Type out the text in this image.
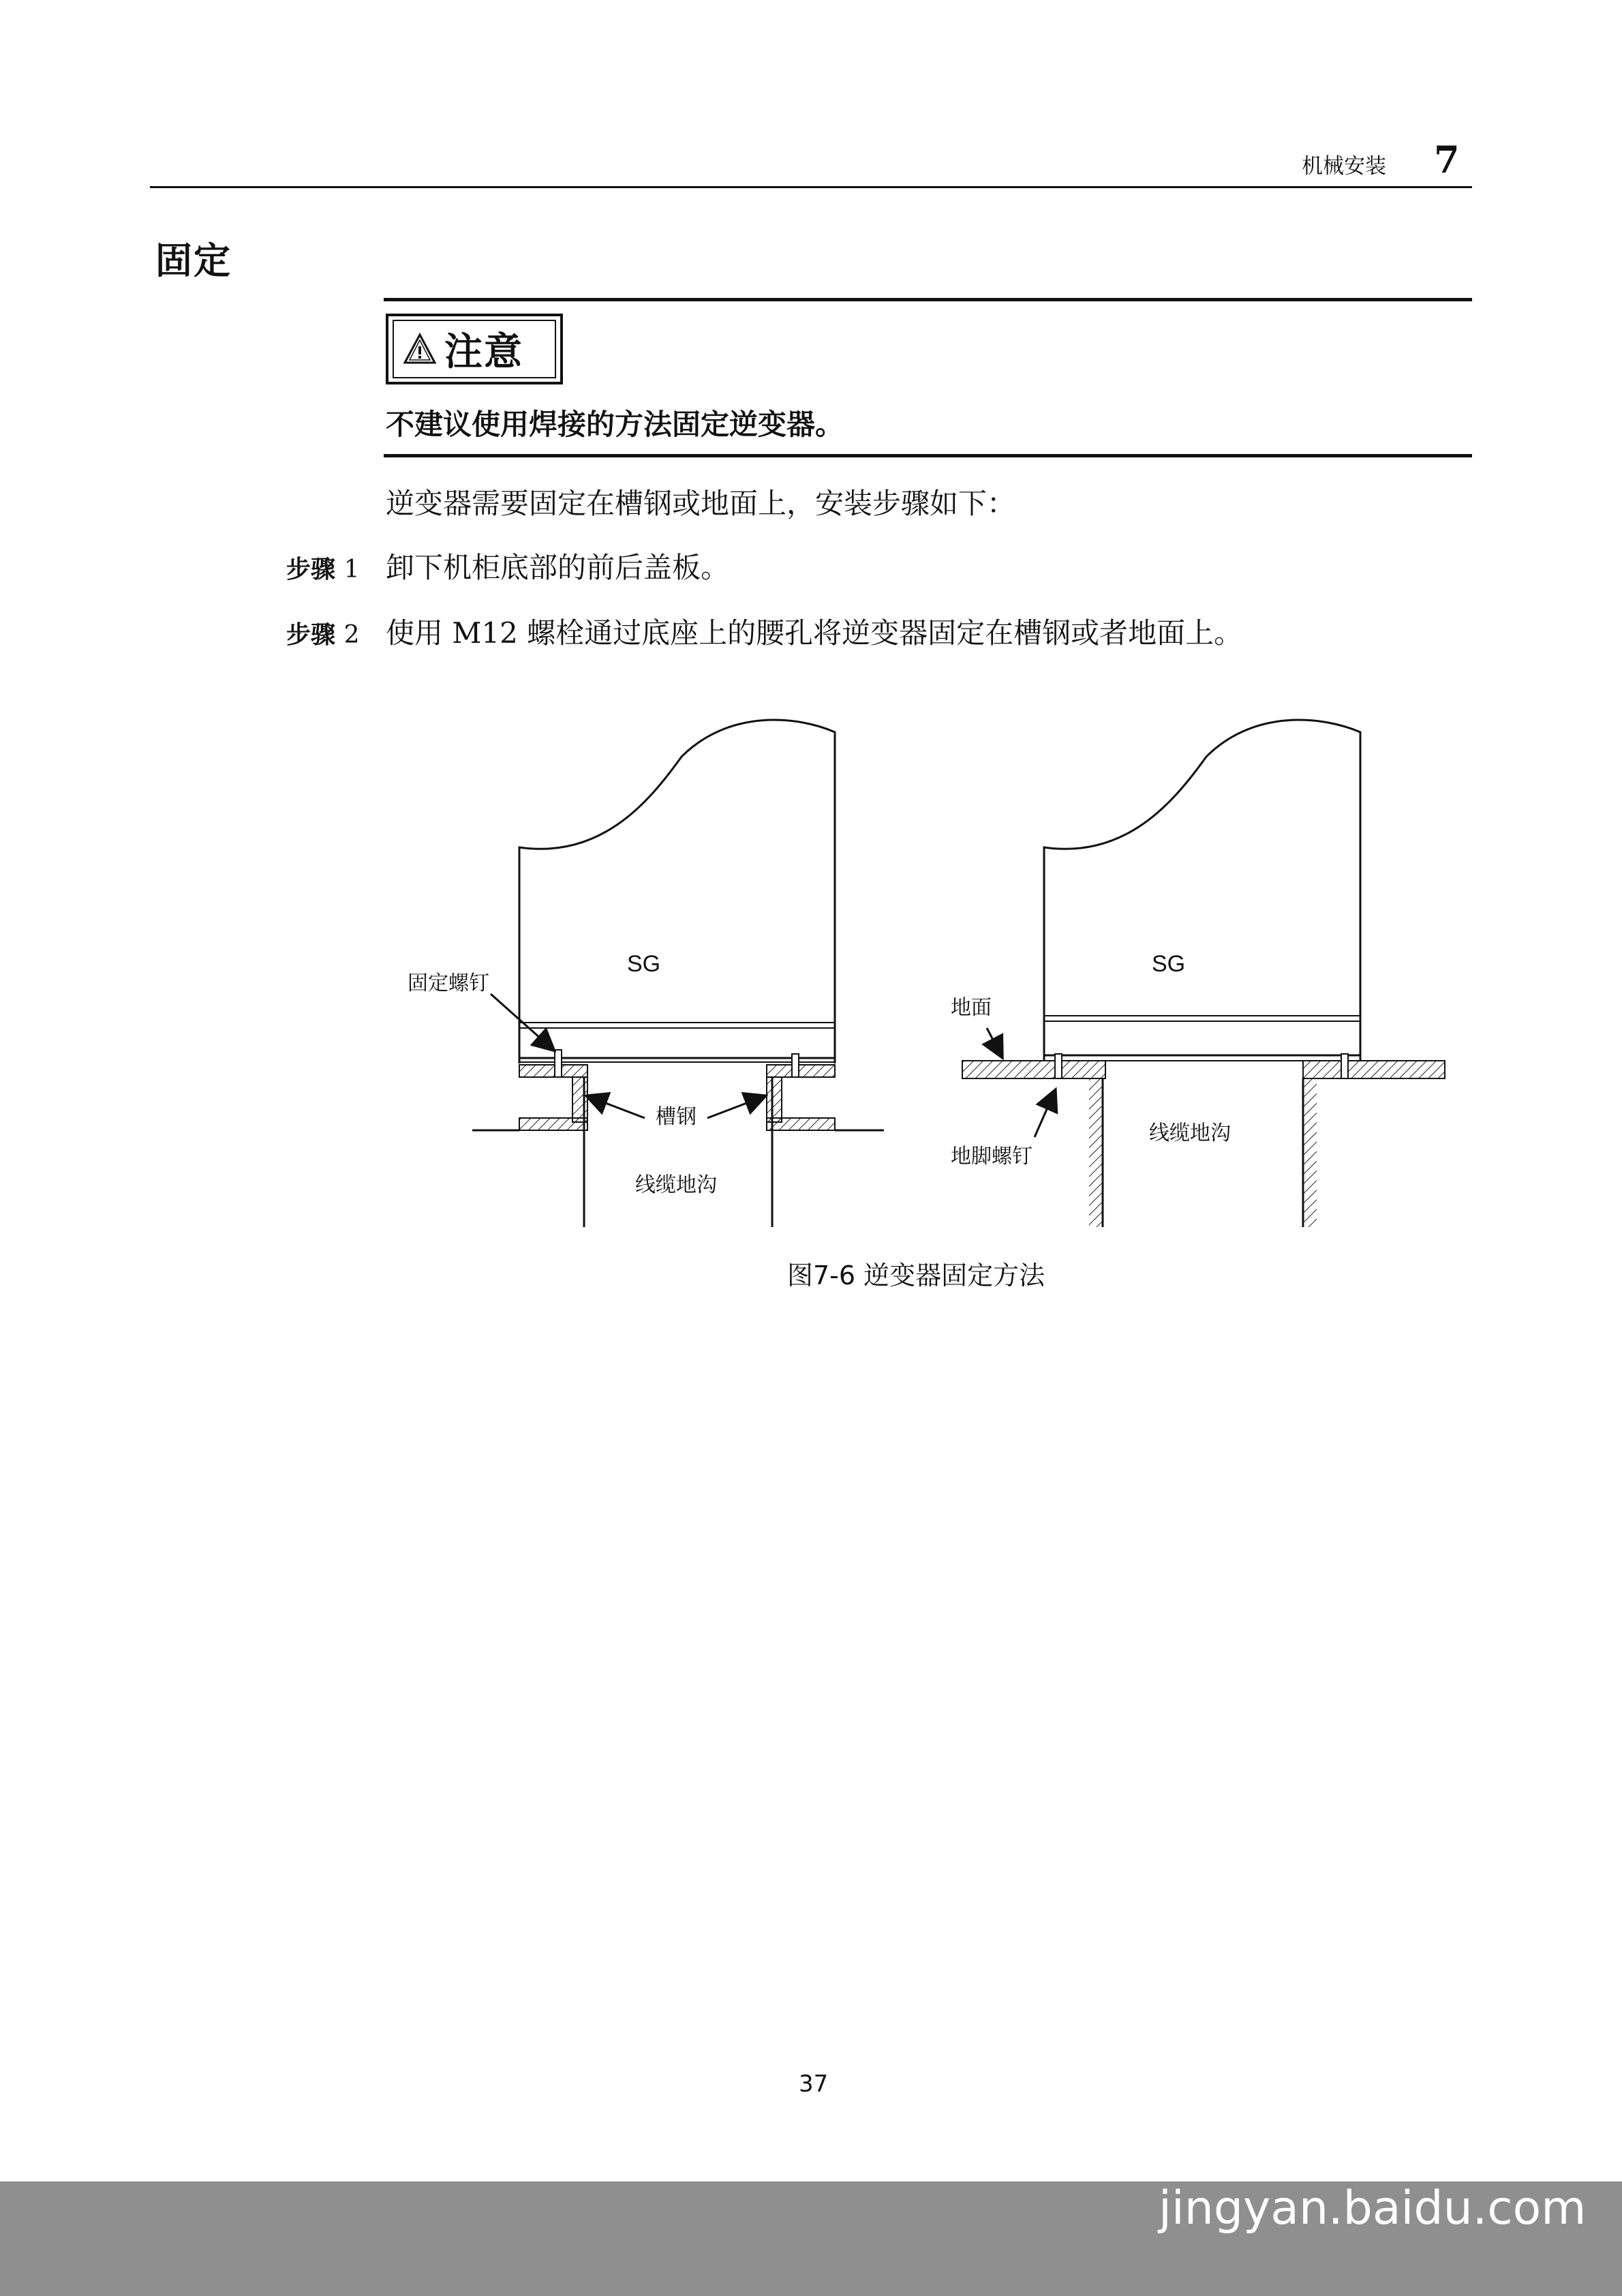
机械安装 7
固定
注意
不建议使用焊接的方法固定逆变器。
逆变器需要固定在槽钢或地面上，安装步骤如下：
步骤 1 卸下机柜底部的前后盖板。
步骤 2 使用 M12 螺栓通过底座上的腰孔将逆变器固定在槽钢或者地面上。
SG
固定螺钉
槽钢
线缆地沟
SG
地面
地脚螺钉
线缆地沟
图7-6 逆变器固定方法
37	Baidu经验
jingyan.baidu.com
